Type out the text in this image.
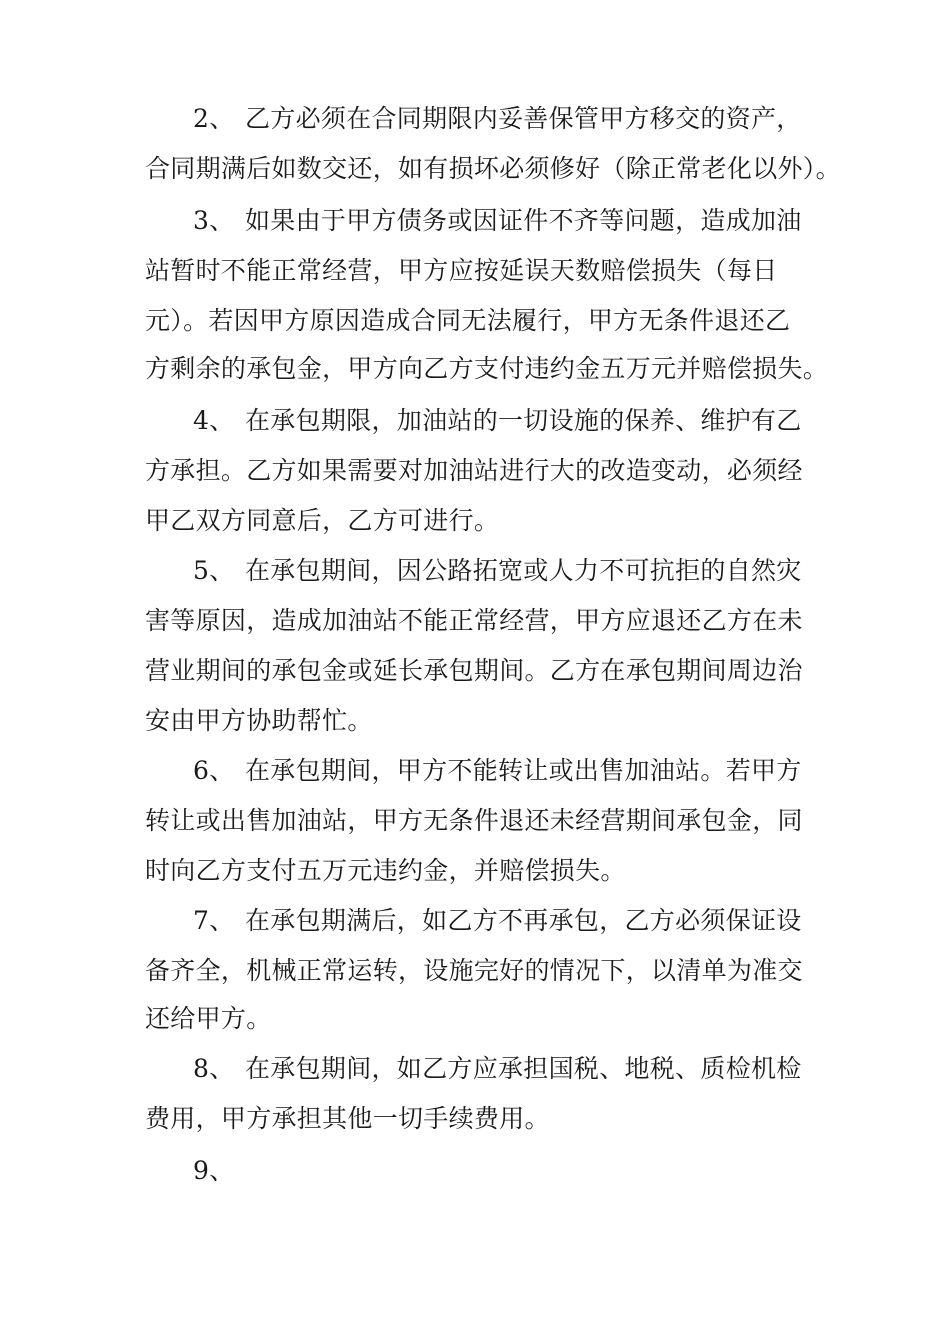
2、 乙方必须在合同期限内妥善保管甲方移交的资产，
合同期满后如数交还，如有损坏必须修好（除正常老化以外）。
3、 如果由于甲方债务或因证件不齐等问题，造成加油
站暂时不能正常经营，甲方应按延误天数赔偿损失（每日
元）。若因甲方原因造成合同无法履行，甲方无条件退还乙
方剩余的承包金，甲方向乙方支付违约金五万元并赔偿损失。
4、 在承包期限，加油站的一切设施的保养、维护有乙
方承担。乙方如果需要对加油站进行大的改造变动，必须经
甲乙双方同意后，乙方可进行。
5、 在承包期间，因公路拓宽或人力不可抗拒的自然灾
害等原因，造成加油站不能正常经营，甲方应退还乙方在未
营业期间的承包金或延长承包期间。乙方在承包期间周边治
安由甲方协助帮忙。
6、 在承包期间，甲方不能转让或出售加油站。若甲方
转让或出售加油站，甲方无条件退还未经营期间承包金，同
时向乙方支付五万元违约金，并赔偿损失。
7、 在承包期满后，如乙方不再承包，乙方必须保证设
备齐全，机械正常运转，设施完好的情况下，以清单为准交
还给甲方。
8、 在承包期间，如乙方应承担国税、地税、质检机检
费用，甲方承担其他一切手续费用。
9、
